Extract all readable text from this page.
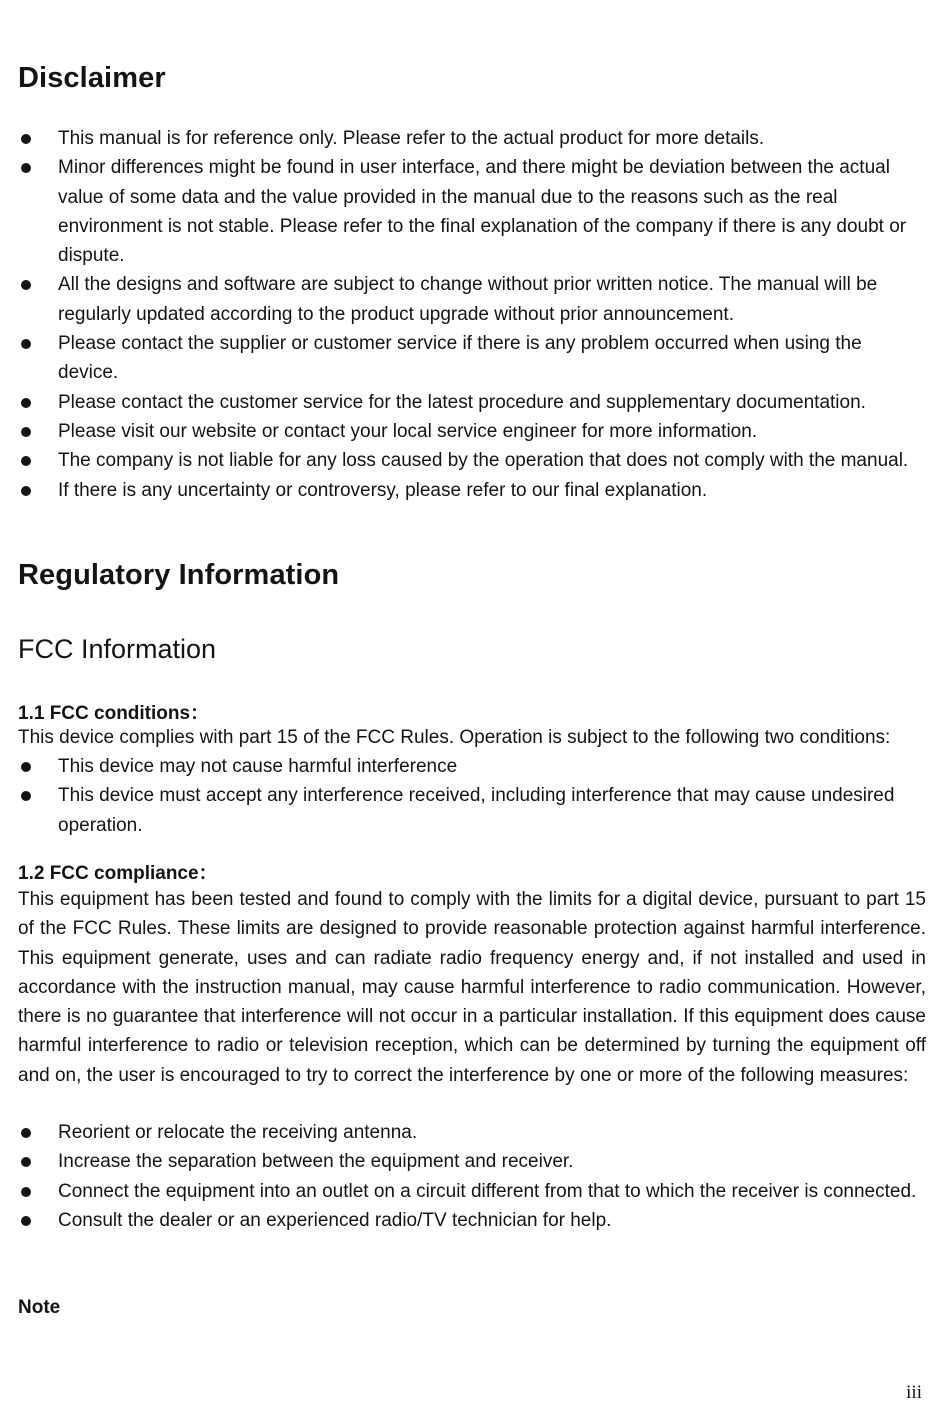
Disclaimer
This manual is for reference only. Please refer to the actual product for more details.
Minor differences might be found in user interface, and there might be deviation between the actual value of some data and the value provided in the manual due to the reasons such as the real environment is not stable. Please refer to the final explanation of the company if there is any doubt or dispute.
All the designs and software are subject to change without prior written notice. The manual will be regularly updated according to the product upgrade without prior announcement.
Please contact the supplier or customer service if there is any problem occurred when using the device.
Please contact the customer service for the latest procedure and supplementary documentation.
Please visit our website or contact your local service engineer for more information.
The company is not liable for any loss caused by the operation that does not comply with the manual.
If there is any uncertainty or controversy, please refer to our final explanation.
Regulatory Information
FCC Information

1.1 FCC conditions：

This device complies with part 15 of the FCC Rules. Operation is subject to the following two conditions:

This device may not cause harmful interference
This device must accept any interference received, including interference that may cause undesired operation.

1.2 FCC compliance：

This equipment has been tested and found to comply with the limits for a digital device, pursuant to part 15 of the FCC Rules. These limits are designed to provide reasonable protection against harmful interference. This equipment generate, uses and can radiate radio frequency energy and, if not installed and used in accordance with the instruction manual, may cause harmful interference to radio communication. However, there is no guarantee that interference will not occur in a particular installation. If this equipment does cause harmful interference to radio or television reception, which can be determined by turning the equipment off and on, the user is encouraged to try to correct the interference by one or more of the following measures:

Reorient or relocate the receiving antenna.
Increase the separation between the equipment and receiver.
Connect the equipment into an outlet on a circuit different from that to which the receiver is connected.
Consult the dealer or an experienced radio/TV technician for help.

Note

iii
